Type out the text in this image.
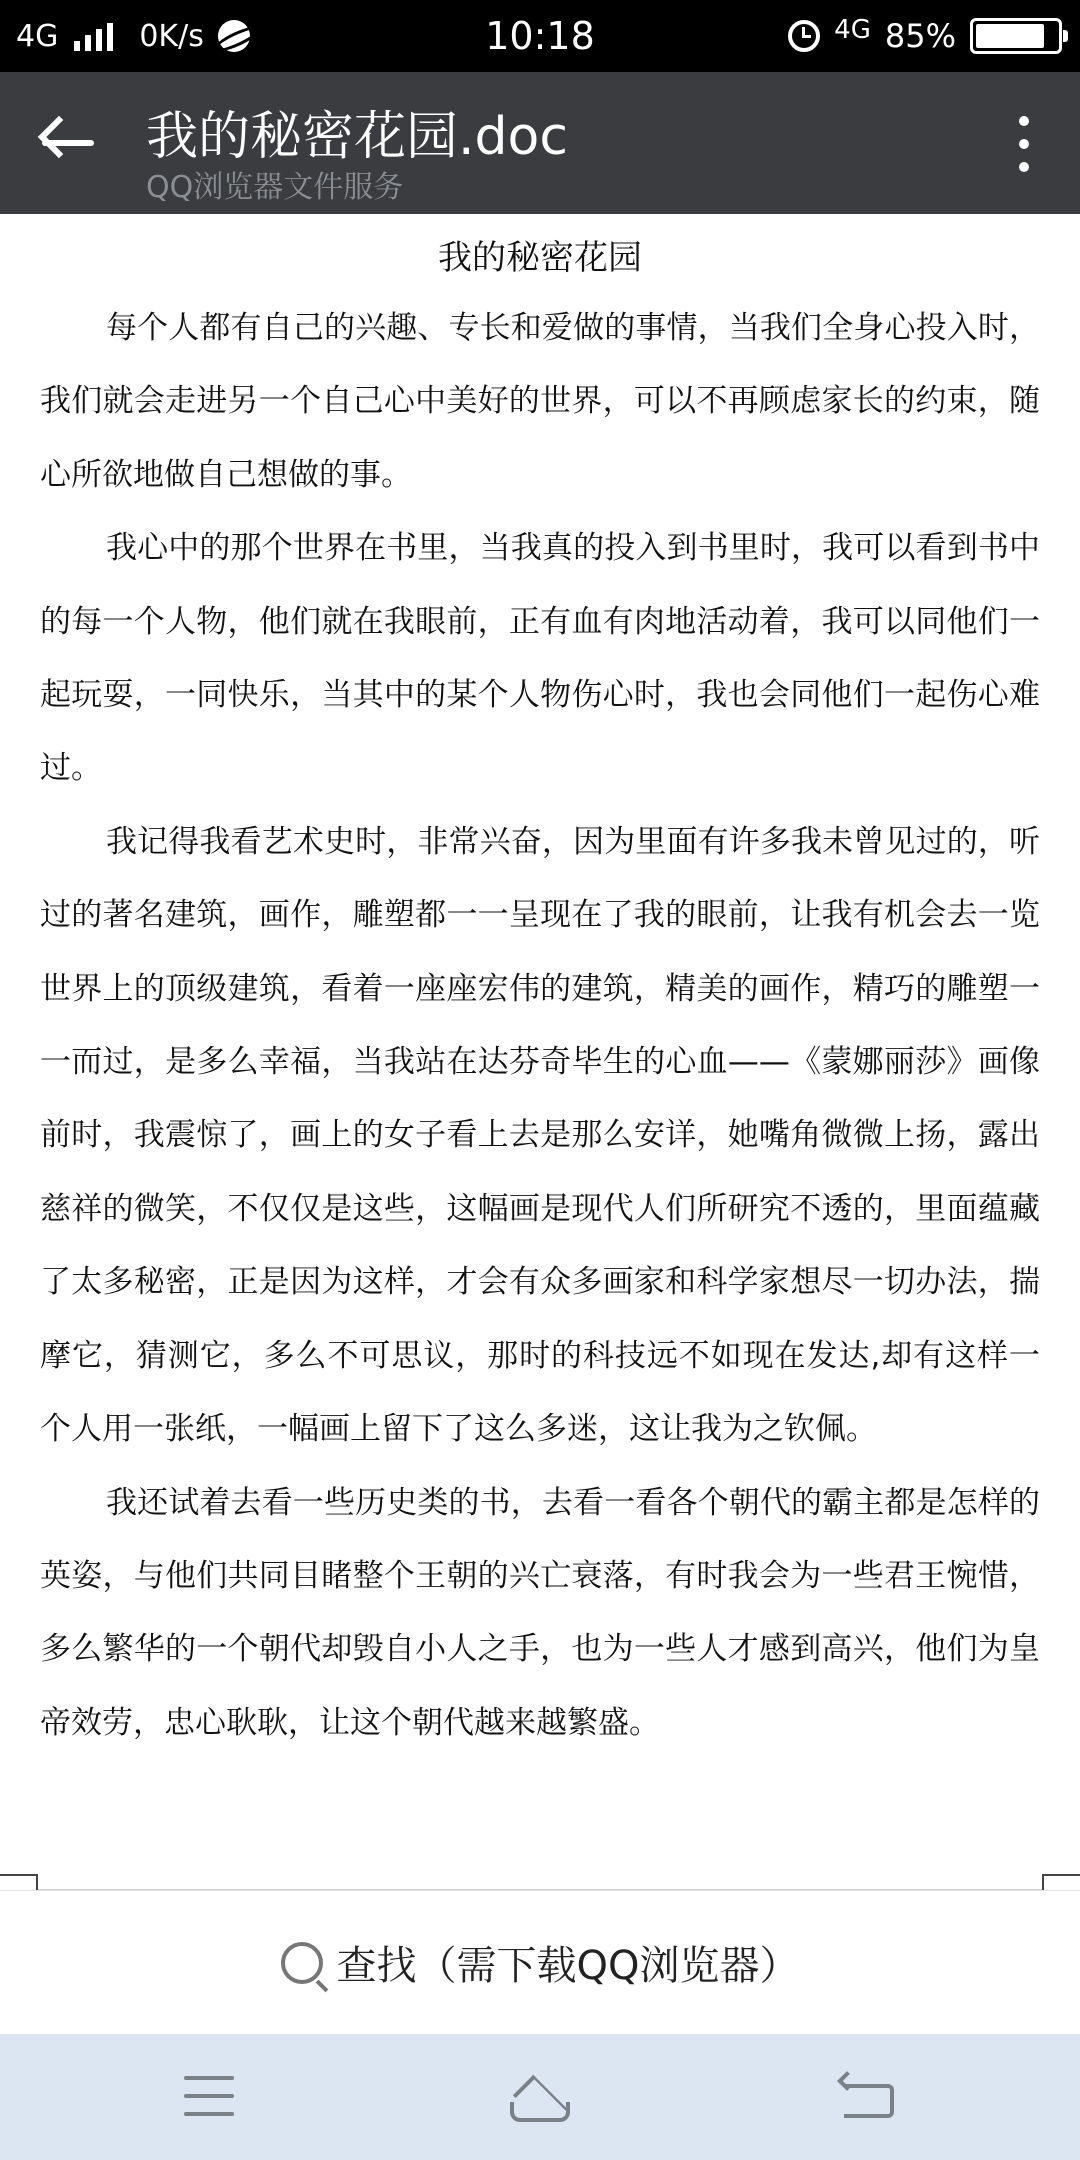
4G	0K/s	10:18	4G 85%
我的秘密花园.doc
QQ浏览器文件服务
我的秘密花园

每个人都有自己的兴趣、专长和爱做的事情，当我们全身心投入时，我们就会走进另一个自己心中美好的世界，可以不再顾虑家长的约束，随心所欲地做自己想做的事。

我心中的那个世界在书里，当我真的投入到书里时，我可以看到书中的每一个人物，他们就在我眼前，正有血有肉地活动着，我可以同他们一起玩耍，一同快乐，当其中的某个人物伤心时，我也会同他们一起伤心难过。

我记得我看艺术史时，非常兴奋，因为里面有许多我未曾见过的，听过的著名建筑，画作，雕塑都一一呈现在了我的眼前，让我有机会去一览世界上的顶级建筑，看着一座座宏伟的建筑，精美的画作，精巧的雕塑一一而过，是多么幸福，当我站在达芬奇毕生的心血——《蒙娜丽莎》画像前时，我震惊了，画上的女子看上去是那么安详，她嘴角微微上扬，露出慈祥的微笑，不仅仅是这些，这幅画是现代人们所研究不透的，里面蕴藏了太多秘密，正是因为这样，才会有众多画家和科学家想尽一切办法，揣摩它，猜测它，多么不可思议，那时的科技远不如现在发达,却有这样一个人用一张纸，一幅画上留下了这么多迷，这让我为之钦佩。

我还试着去看一些历史类的书，去看一看各个朝代的霸主都是怎样的英姿，与他们共同目睹整个王朝的兴亡衰落，有时我会为一些君王惋惜，多么繁华的一个朝代却毁自小人之手，也为一些人才感到高兴，他们为皇帝效劳，忠心耿耿，让这个朝代越来越繁盛。

查找（需下载QQ浏览器）
